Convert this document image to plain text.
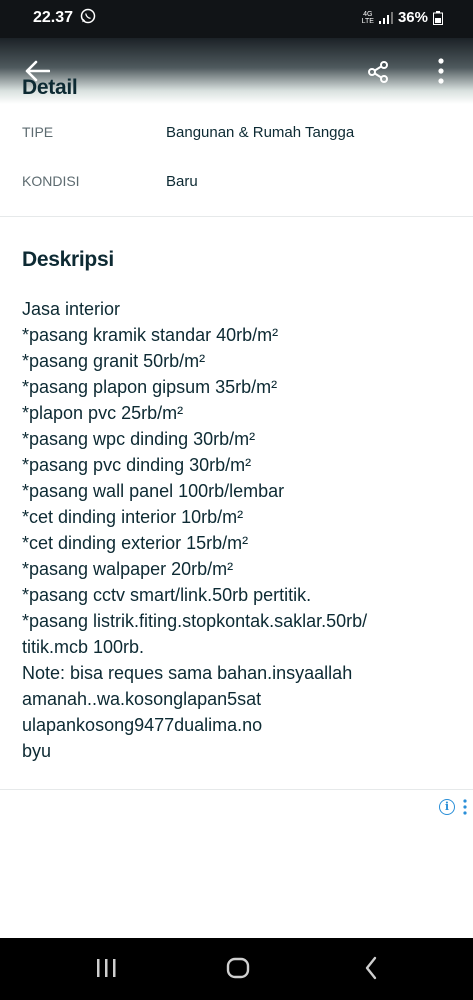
22.37	4G
LTE 36%
Detail
TIPE	Bangunan & Rumah Tangga
KONDISI	Baru
Deskripsi
Jasa interior
*pasang kramik standar 40rb/m²
*pasang granit 50rb/m²
*pasang plapon gipsum 35rb/m²
*plapon pvc 25rb/m²
*pasang wpc dinding 30rb/m²
*pasang pvc dinding 30rb/m²
*pasang wall panel 100rb/lembar
*cet dinding interior 10rb/m²
*cet dinding exterior 15rb/m²
*pasang walpaper 20rb/m²
*pasang cctv smart/link.50rb pertitik.
*pasang listrik.fiting.stopkontak.saklar.50rb/
titik.mcb 100rb.
Note: bisa reques sama bahan.insyaallah
amanah..wa.kosonglapan5sat
ulapankosong9477dualima.no
byu
i
